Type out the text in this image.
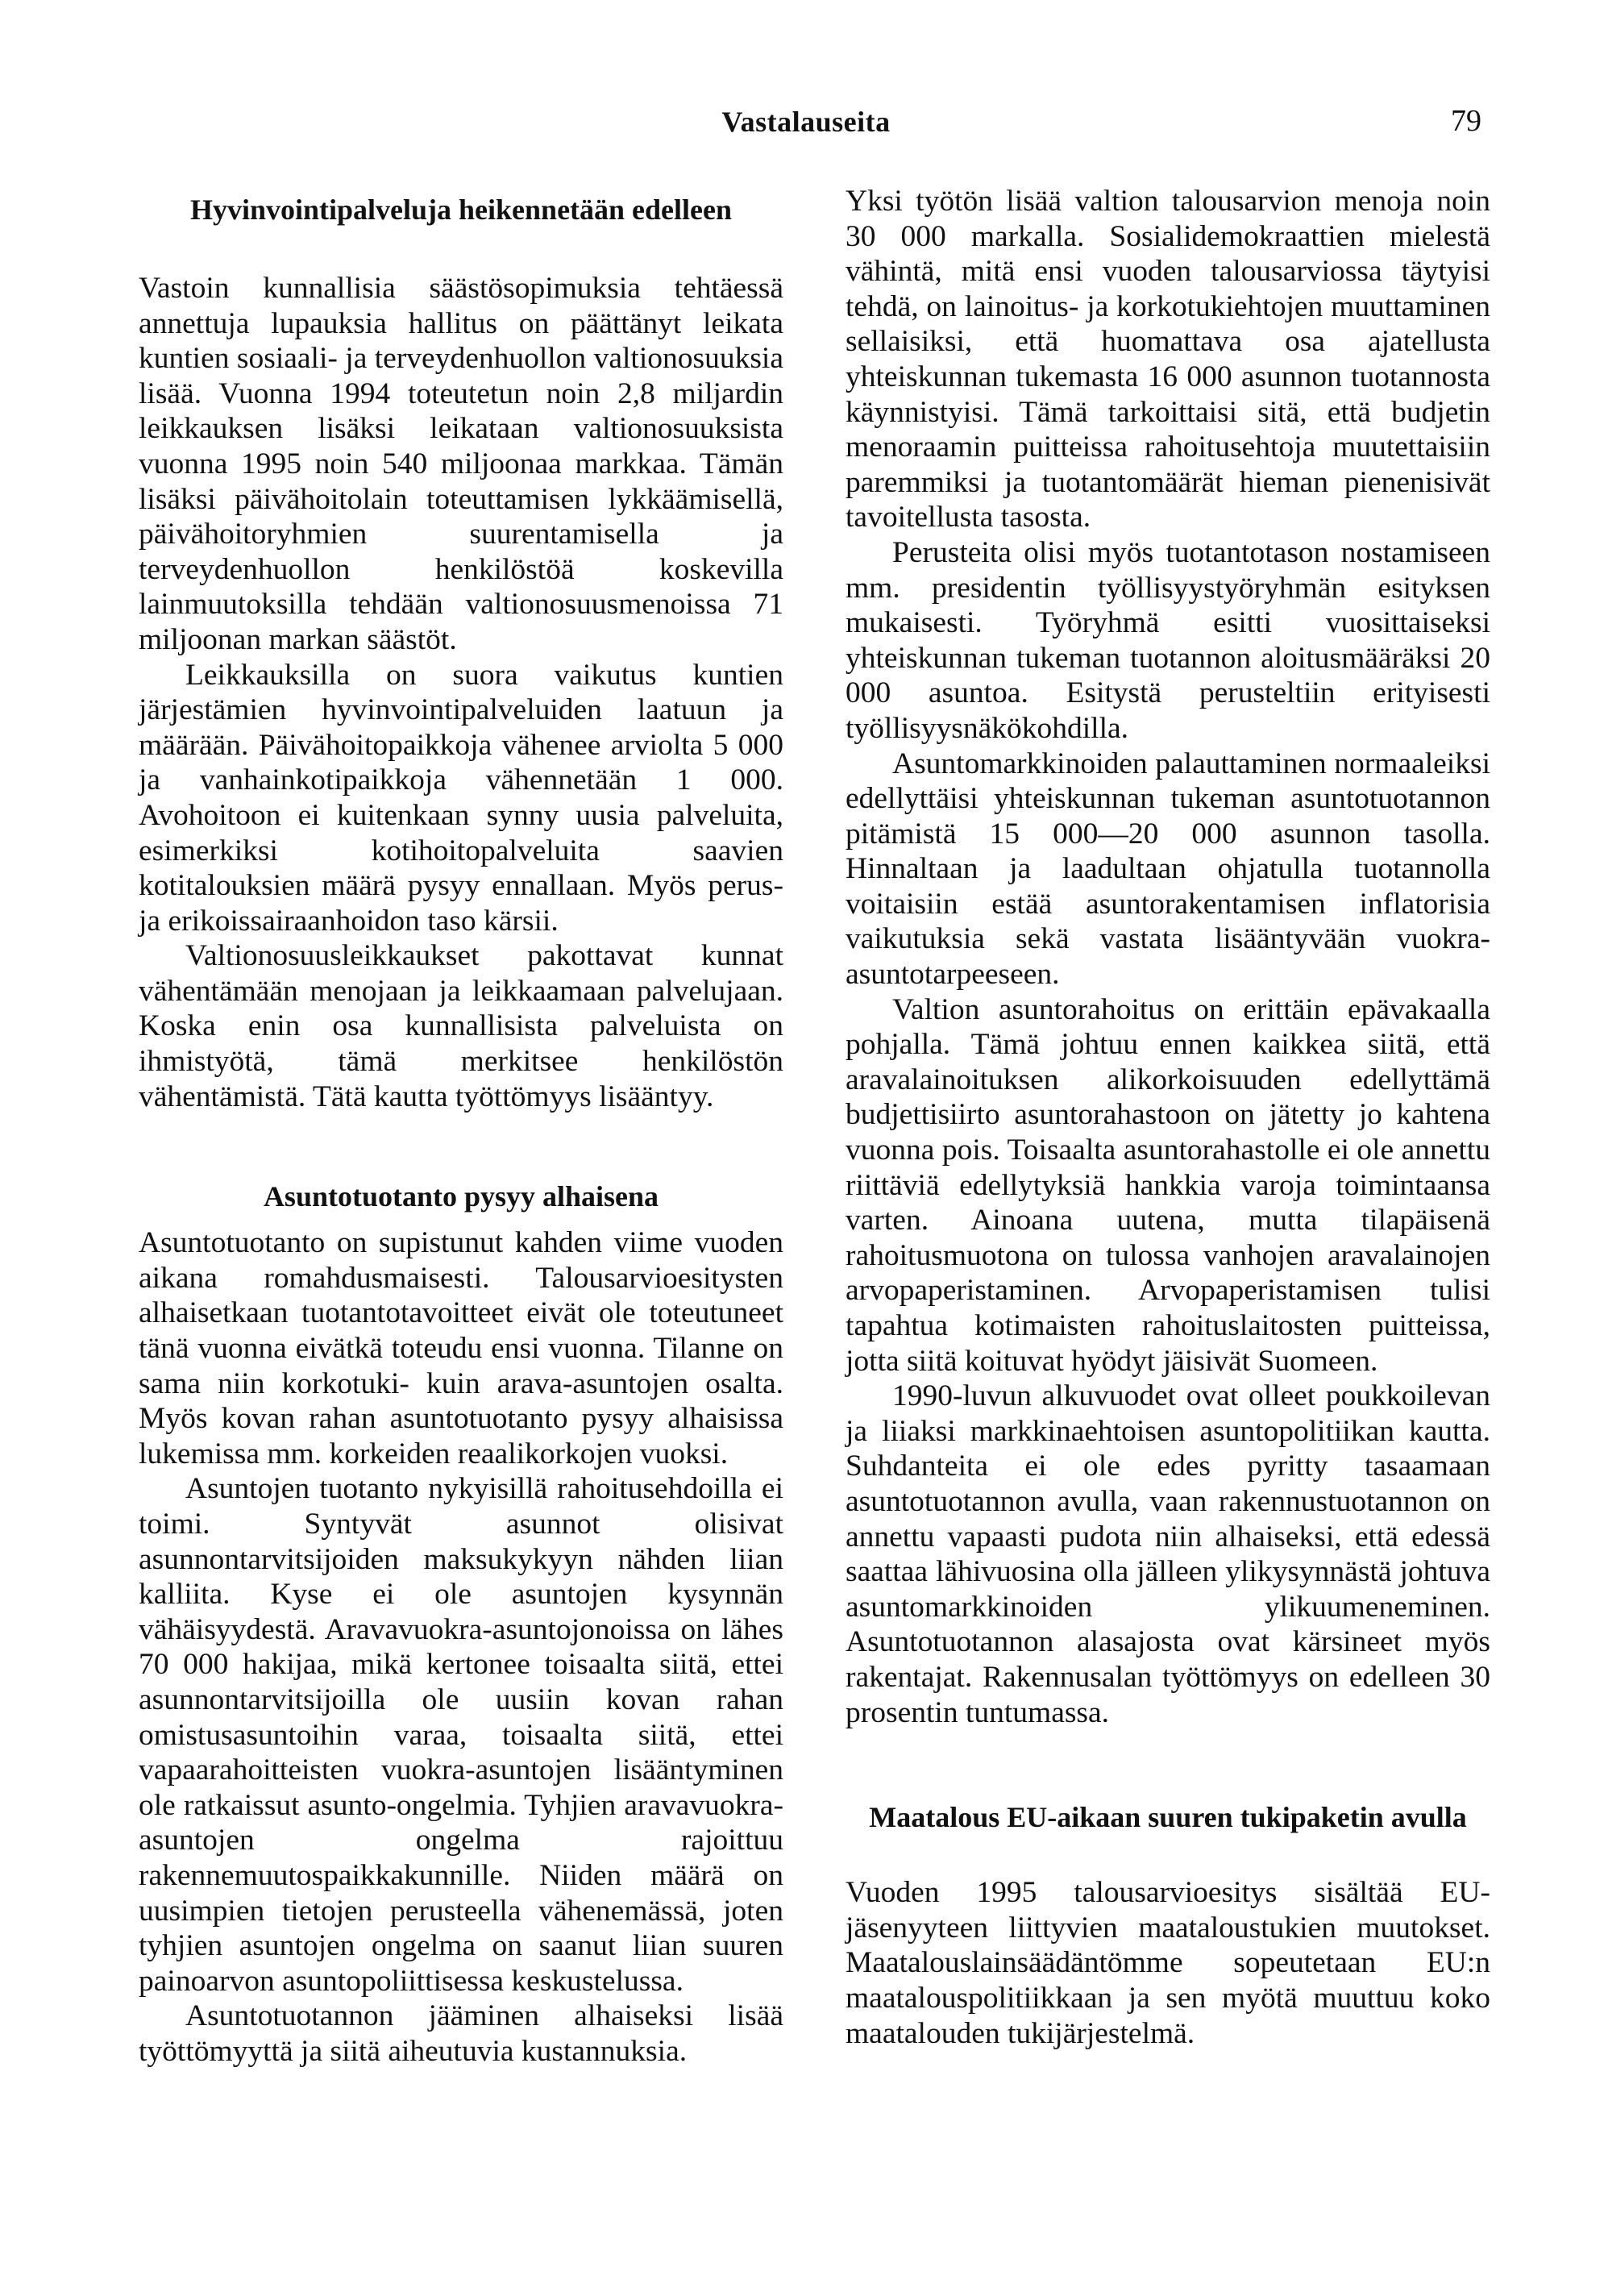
Vastalauseita	79
Hyvinvointipalveluja heikennetään edelleen

Vastoin kunnallisia säästösopimuksia tehtäessä annettuja lupauksia hallitus on päättänyt leikata kuntien sosiaali- ja terveydenhuollon valtionosuuksia lisää. Vuonna 1994 toteutetun noin 2,8 miljardin leikkauksen lisäksi leikataan valtionosuuksista vuonna 1995 noin 540 miljoonaa markkaa. Tämän lisäksi päivähoitolain toteuttamisen lykkäämisellä, päivähoitoryhmien suurentamisella ja terveydenhuollon henkilöstöä koskevilla lainmuutoksilla tehdään valtionosuusmenoissa 71 miljoonan markan säästöt.

Leikkauksilla on suora vaikutus kuntien järjestämien hyvinvointipalveluiden laatuun ja määrään. Päivähoitopaikkoja vähenee arviolta 5 000 ja vanhainkotipaikkoja vähennetään 1 000. Avohoitoon ei kuitenkaan synny uusia palveluita, esimerkiksi kotihoitopalveluita saavien kotitalouksien määrä pysyy ennallaan. Myös perus- ja erikoissairaanhoidon taso kärsii.

Valtionosuusleikkaukset pakottavat kunnat vähentämään menojaan ja leikkaamaan palvelujaan. Koska enin osa kunnallisista palveluista on ihmistyötä, tämä merkitsee henkilöstön vähentämistä. Tätä kautta työttömyys lisääntyy.

Asuntotuotanto pysyy alhaisena

Asuntotuotanto on supistunut kahden viime vuoden aikana romahdusmaisesti. Talousarvioesitysten alhaisetkaan tuotantotavoitteet eivät ole toteutuneet tänä vuonna eivätkä toteudu ensi vuonna. Tilanne on sama niin korkotuki- kuin arava-asuntojen osalta. Myös kovan rahan asuntotuotanto pysyy alhaisissa lukemissa mm. korkeiden reaalikorkojen vuoksi.

Asuntojen tuotanto nykyisillä rahoitusehdoilla ei toimi. Syntyvät asunnot olisivat asunnontarvitsijoiden maksukykyyn nähden liian kalliita. Kyse ei ole asuntojen kysynnän vähäisyydestä. Aravavuokra-asuntojonoissa on lähes 70 000 hakijaa, mikä kertonee toisaalta siitä, ettei asunnontarvitsijoilla ole uusiin kovan rahan omistusasuntoihin varaa, toisaalta siitä, ettei vapaarahoitteisten vuokra-asuntojen lisääntyminen ole ratkaissut asunto-ongelmia. Tyhjien aravavuokra-asuntojen ongelma rajoittuu rakennemuutospaikkakunnille. Niiden määrä on uusimpien tietojen perusteella vähenemässä, joten tyhjien asuntojen ongelma on saanut liian suuren painoarvon asuntopoliittisessa keskustelussa.

Asuntotuotannon jääminen alhaiseksi lisää työttömyyttä ja siitä aiheutuvia kustannuksia.

Yksi työtön lisää valtion talousarvion menoja noin 30 000 markalla. Sosialidemokraattien mielestä vähintä, mitä ensi vuoden talousarviossa täytyisi tehdä, on lainoitus- ja korkotukiehtojen muuttaminen sellaisiksi, että huomattava osa ajatellusta yhteiskunnan tukemasta 16 000 asunnon tuotannosta käynnistyisi. Tämä tarkoittaisi sitä, että budjetin menoraamin puitteissa rahoitusehtoja muutettaisiin paremmiksi ja tuotantomäärät hieman pienenisivät tavoitellusta tasosta.

Perusteita olisi myös tuotantotason nostamiseen mm. presidentin työllisyystyöryhmän esityksen mukaisesti. Työryhmä esitti vuosittaiseksi yhteiskunnan tukeman tuotannon aloitusmääräksi 20 000 asuntoa. Esitystä perusteltiin erityisesti työllisyysnäkökohdilla.

Asuntomarkkinoiden palauttaminen normaaleiksi edellyttäisi yhteiskunnan tukeman asuntotuotannon pitämistä 15 000—20 000 asunnon tasolla. Hinnaltaan ja laadultaan ohjatulla tuotannolla voitaisiin estää asuntorakentamisen inflatorisia vaikutuksia sekä vastata lisääntyvään vuokra-asuntotarpeeseen.

Valtion asuntorahoitus on erittäin epävakaalla pohjalla. Tämä johtuu ennen kaikkea siitä, että aravalainoituksen alikorkoisuuden edellyttämä budjettisiirto asuntorahastoon on jätetty jo kahtena vuonna pois. Toisaalta asuntorahastolle ei ole annettu riittäviä edellytyksiä hankkia varoja toimintaansa varten. Ainoana uutena, mutta tilapäisenä rahoitusmuotona on tulossa vanhojen aravalainojen arvopaperistaminen. Arvopaperistamisen tulisi tapahtua kotimaisten rahoituslaitosten puitteissa, jotta siitä koituvat hyödyt jäisivät Suomeen.

1990-luvun alkuvuodet ovat olleet poukkoilevan ja liiaksi markkinaehtoisen asuntopolitiikan kautta. Suhdanteita ei ole edes pyritty tasaamaan asuntotuotannon avulla, vaan rakennustuotannon on annettu vapaasti pudota niin alhaiseksi, että edessä saattaa lähivuosina olla jälleen ylikysynnästä johtuva asuntomarkkinoiden ylikuumeneminen. Asuntotuotannon alasajosta ovat kärsineet myös rakentajat. Rakennusalan työttömyys on edelleen 30 prosentin tuntumassa.

Maatalous EU-aikaan suuren tukipaketin avulla

Vuoden 1995 talousarvioesitys sisältää EU-jäsenyyteen liittyvien maataloustukien muutokset. Maatalouslainsäädäntömme sopeutetaan EU:n maatalouspolitiikkaan ja sen myötä muuttuu koko maatalouden tukijärjestelmä.
